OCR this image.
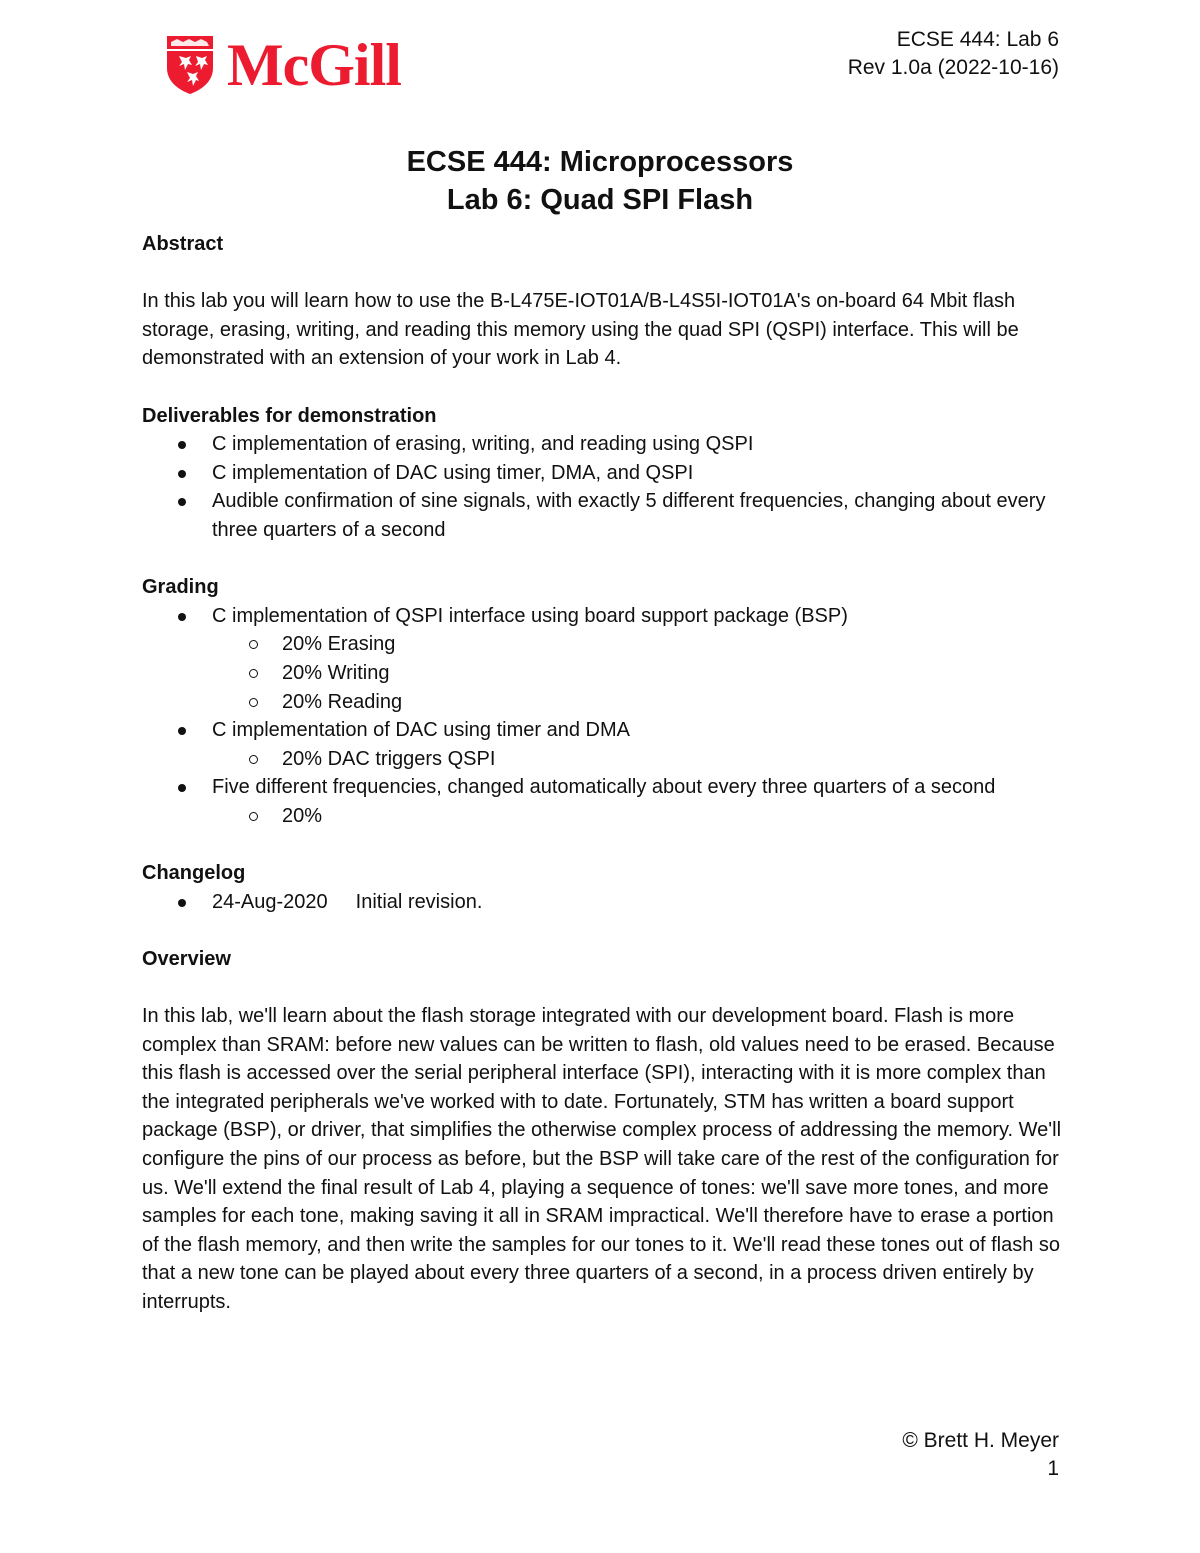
McGill	ECSE 444: Lab 6
Rev 1.0a (2022-10-16)
ECSE 444: Microprocessors
Lab 6: Quad SPI Flash
Abstract

In this lab you will learn how to use the B-L475E-IOT01A/B-L4S5I-IOT01A's on-board 64 Mbit flash storage, erasing, writing, and reading this memory using the quad SPI (QSPI) interface. This will be demonstrated with an extension of your work in Lab 4.

Deliverables for demonstration
C implementation of erasing, writing, and reading using QSPI
C implementation of DAC using timer, DMA, and QSPI
Audible confirmation of sine signals, with exactly 5 different frequencies, changing about every three quarters of a second
Grading
C implementation of QSPI interface using board support package (BSP)
20% Erasing
20% Writing
20% Reading
C implementation of DAC using timer and DMA
20% DAC triggers QSPI
Five different frequencies, changed automatically about every three quarters of a second
20%
Changelog
24-Aug-2020 Initial revision.
Overview

In this lab, we'll learn about the flash storage integrated with our development board. Flash is more complex than SRAM: before new values can be written to flash, old values need to be erased. Because this flash is accessed over the serial peripheral interface (SPI), interacting with it is more complex than the integrated peripherals we've worked with to date. Fortunately, STM has written a board support package (BSP), or driver, that simplifies the otherwise complex process of addressing the memory. We'll configure the pins of our process as before, but the BSP will take care of the rest of the configuration for us. We'll extend the final result of Lab 4, playing a sequence of tones: we'll save more tones, and more samples for each tone, making saving it all in SRAM impractical. We'll therefore have to erase a portion of the flash memory, and then write the samples for our tones to it. We'll read these tones out of flash so that a new tone can be played about every three quarters of a second, in a process driven entirely by interrupts.

© Brett H. Meyer
1
